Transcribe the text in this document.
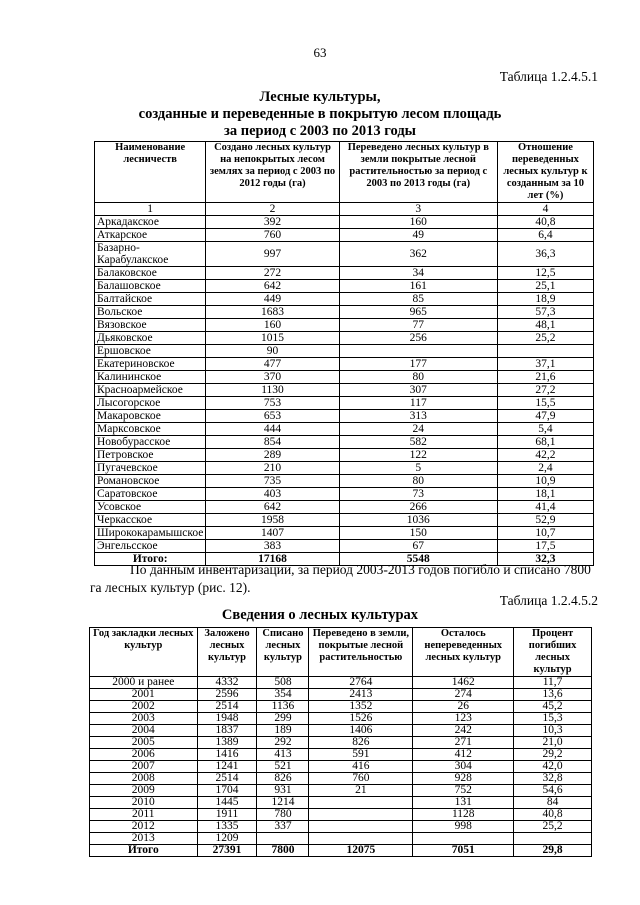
63
Таблица 1.2.4.5.1
Лесные культуры,
созданные и переведенные в покрытую лесом площадь
за период с 2003 по 2013 годы
Наименование лесничеств	Создано лесных культур на непокрытых лесом землях за период с 2003 по 2012 годы (га)	Переведено лесных культур в земли покрытые лесной растительностью за период с 2003 по 2013 годы (га)	Отношение переведенных лесных культур к созданным за 10 лет (%)
1	2	3	4
Аркадакское	392	160	40,8
Аткарское	760	49	6,4
Базарно-Карабулакское	997	362	36,3
Балаковское	272	34	12,5
Балашовское	642	161	25,1
Балтайское	449	85	18,9
Вольское	1683	965	57,3
Вязовское	160	77	48,1
Дьяковское	1015	256	25,2
Ершовское	90		
Екатериновское	477	177	37,1
Калининское	370	80	21,6
Красноармейское	1130	307	27,2
Лысогорское	753	117	15,5
Макаровское	653	313	47,9
Марксовское	444	24	5,4
Новобурасское	854	582	68,1
Петровское	289	122	42,2
Пугачевское	210	5	2,4
Романовское	735	80	10,9
Саратовское	403	73	18,1
Усовское	642	266	41,4
Черкасское	1958	1036	52,9
Ширококарамышское	1407	150	10,7
Энгельсское	383	67	17,5
Итого:	17168	5548	32,3
По данным инвентаризации, за период 2003-2013 годов погибло и списано 7800 га лесных культур (рис. 12).
Таблица 1.2.4.5.2
Сведения о лесных культурах
Год закладки лесных культур	Заложено лесных культур	Списано лесных культур	Переведено в земли, покрытые лесной растительностью	Осталось непереведенных лесных культур	Процент погибших лесных культур
2000 и ранее	4332	508	2764	1462	11,7
2001	2596	354	2413	274	13,6
2002	2514	1136	1352	26	45,2
2003	1948	299	1526	123	15,3
2004	1837	189	1406	242	10,3
2005	1389	292	826	271	21,0
2006	1416	413	591	412	29,2
2007	1241	521	416	304	42,0
2008	2514	826	760	928	32,8
2009	1704	931	21	752	54,6
2010	1445	1214		131	84
2011	1911	780		1128	40,8
2012	1335	337		998	25,2
2013	1209				
Итого	27391	7800	12075	7051	29,8
